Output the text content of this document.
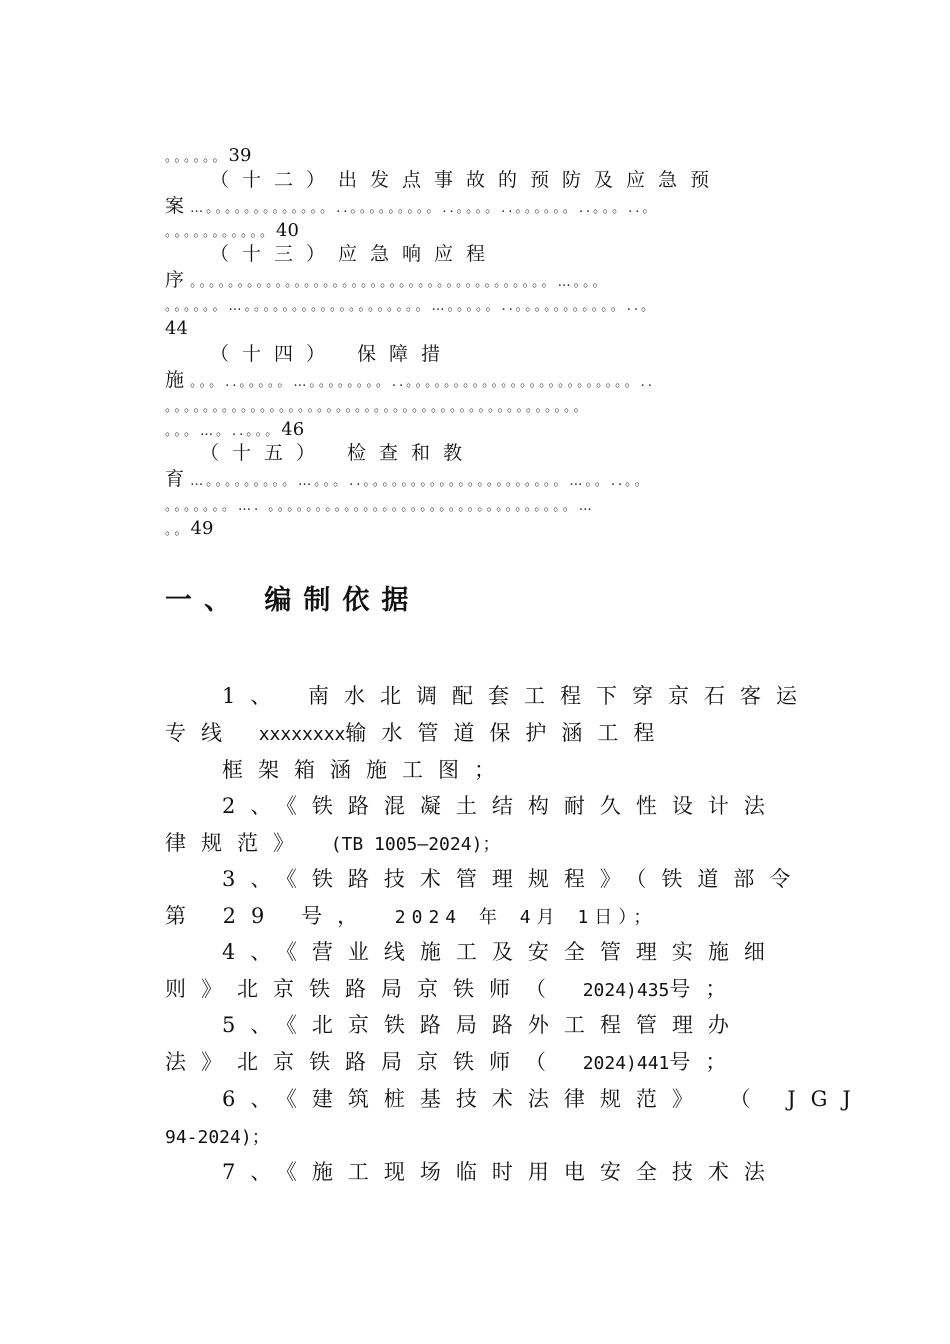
。。。。。。39
（十二）出发点事故的预防及应急预
案 …。。。。。。。。。。。。。..。。。。。。。。。..。。。。..。。。。。。..。。。..。
。。。。。。。。。。。40
（十三）应急响应程
序 。。。。。。。。。。。。。。。。。。。。。。。。。。。。。。。。。。。。。。…。。。
。。。。。。…。。。。。。。。。。。。。。。。。。。…。。。。。..。。。。。。。。。。。..。
44
（十四） 保障措
施 。。。..。。。。。…。。。。。。。。..。。。。。。。。。。。。。。。。。。。。。。。。..
。。。。。。。。。。。。。。。。。。。。。。。。。。。。。。。。。。。。。。。。。。。。
。。。…。..。。。46
（十五） 检查和教
育 …。。。。。。。。。…。。。..。。。。。。。。。。。。。。。。。。。。。…。。..。。
。。。。。。。…. 。。。。。。。。。。。。。。。。。。。。。。。。。。。。。。。。…
。。49
一、 编制依据
1、 南水北调配套工程下穿京石客运
专线 xxxxxxxx输水管道保护涵工程
框架箱涵施工图；
2、《铁路混凝土结构耐久性设计法
律规范》 (TB 1005—2024)；
3、《铁路技术管理规程》（铁道部令
第 29 号， 2024 年 4月 1日）；
4、《营业线施工及安全管理实施细
则》北京铁路局京铁师（ 2024)435号；
5、《北京铁路局路外工程管理办
法》北京铁路局京铁师（ 2024)441号；
6、《建筑桩基技术法律规范》 （ JGJ
94-2024)；
7、《施工现场临时用电安全技术法
